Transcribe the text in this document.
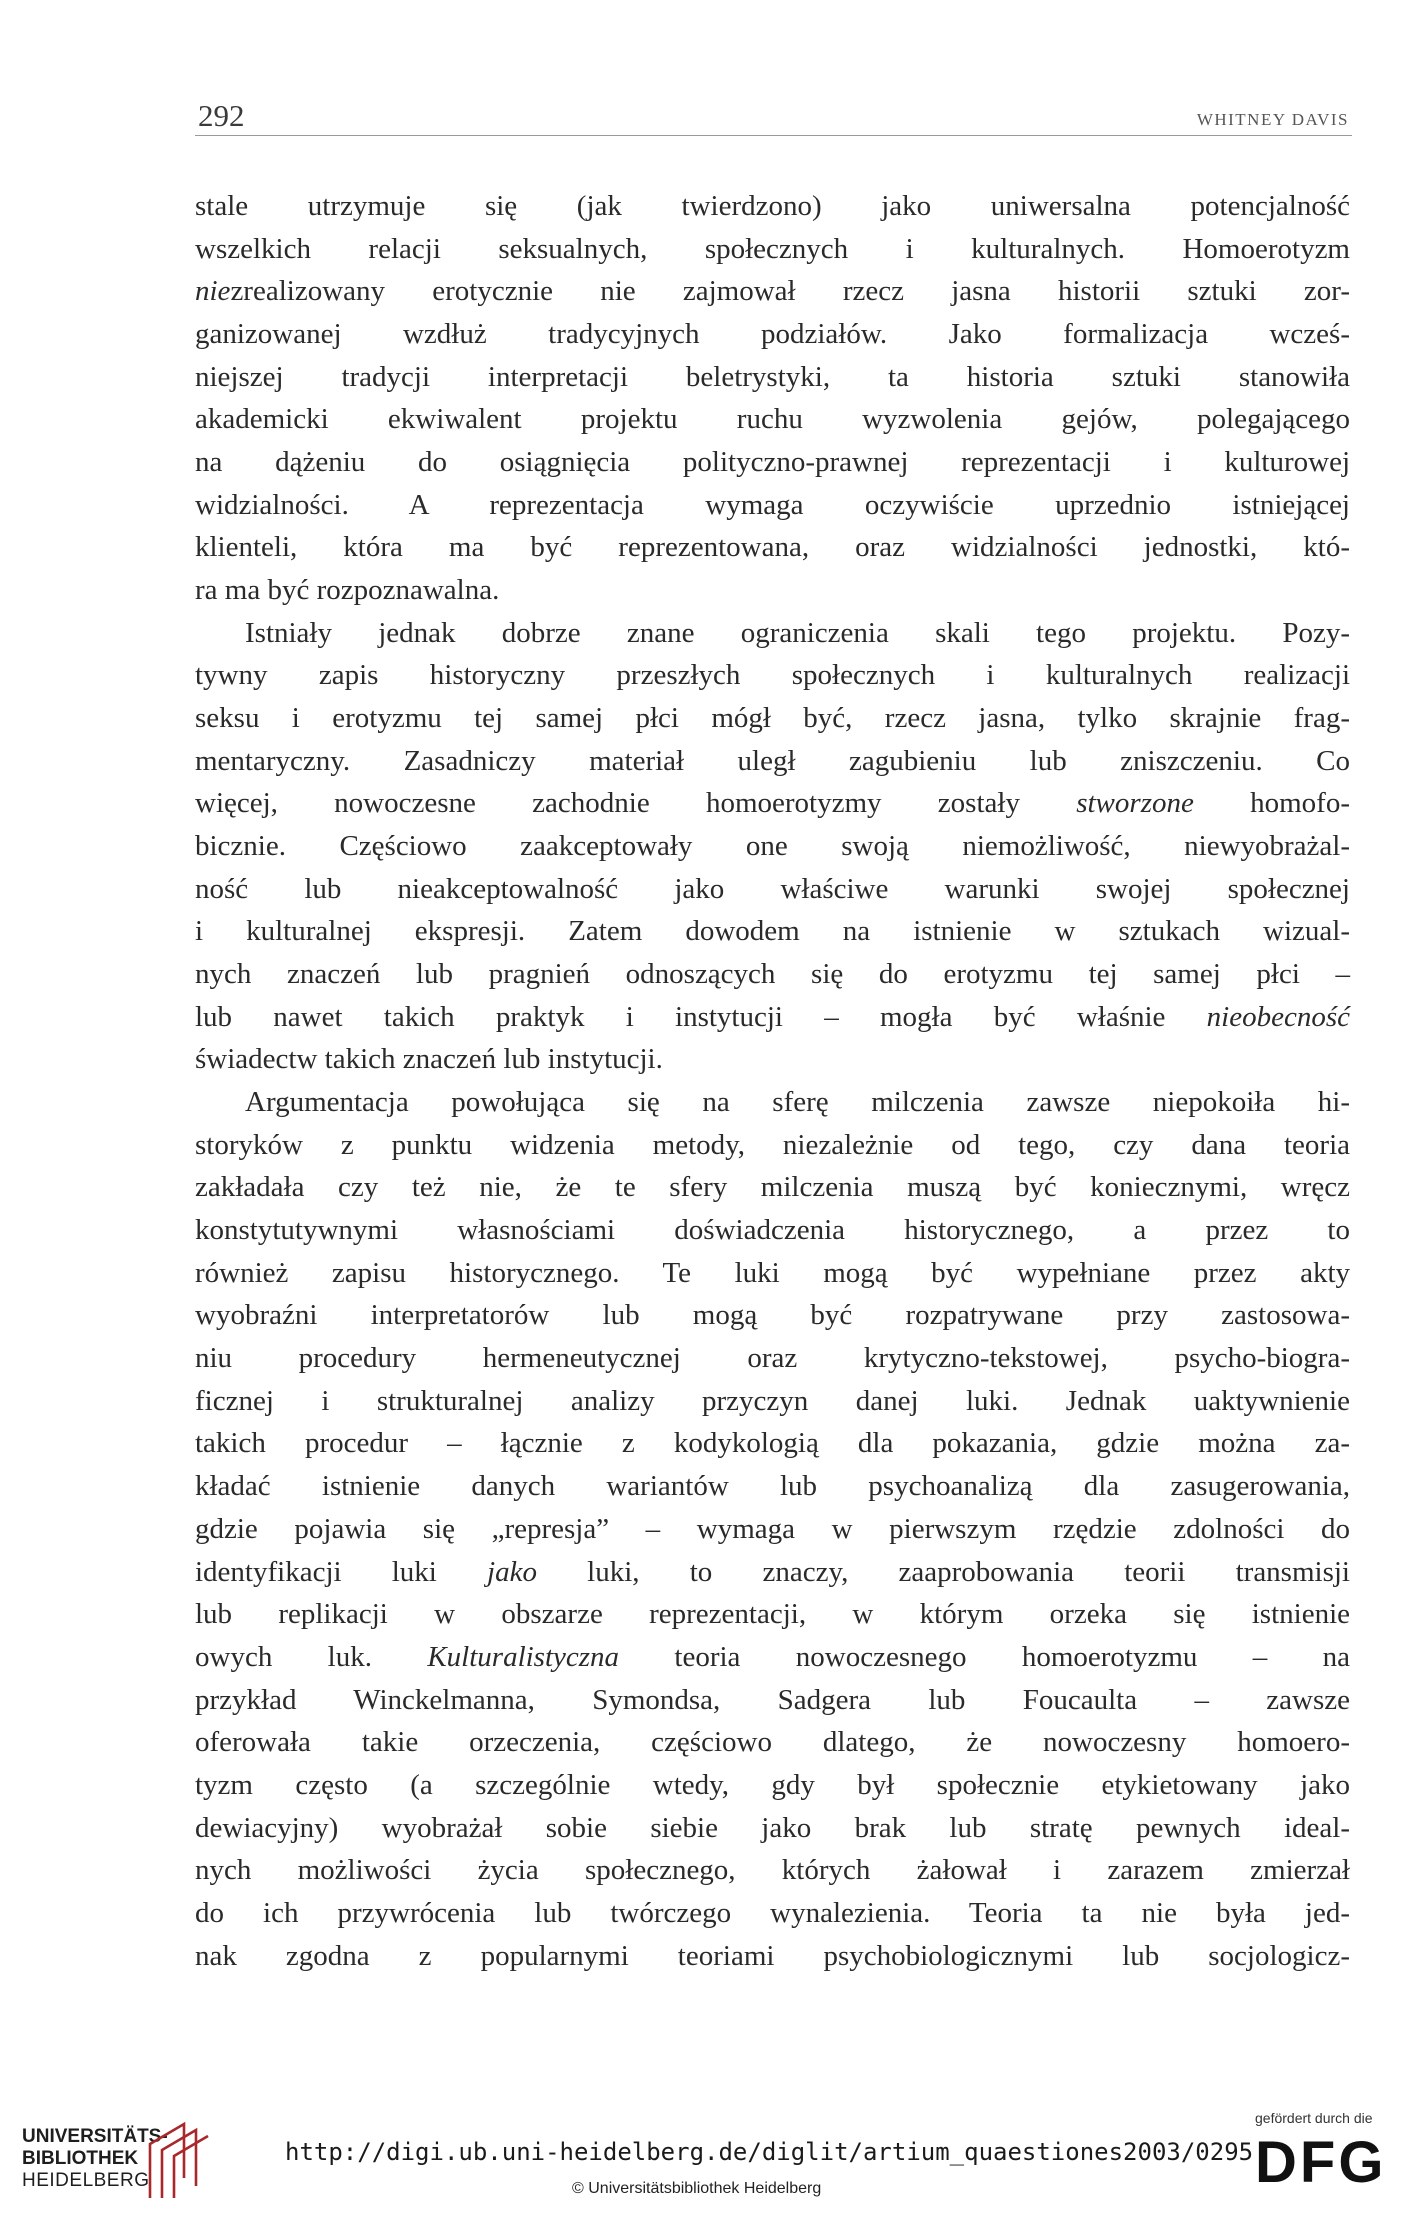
292	WHITNEY DAVIS
stale utrzymuje się (jak twierdzono) jako uniwersalna potencjalność
wszelkich relacji seksualnych, społecznych i kulturalnych. Homoerotyzm
niezrealizowany erotycznie nie zajmował rzecz jasna historii sztuki zor-
ganizowanej wzdłuż tradycyjnych podziałów. Jako formalizacja wcześ-
niejszej tradycji interpretacji beletrystyki, ta historia sztuki stanowiła
akademicki ekwiwalent projektu ruchu wyzwolenia gejów, polegającego
na dążeniu do osiągnięcia polityczno-prawnej reprezentacji i kulturowej
widzialności. A reprezentacja wymaga oczywiście uprzednio istniejącej
klienteli, która ma być reprezentowana, oraz widzialności jednostki, któ-
ra ma być rozpoznawalna.
Istniały jednak dobrze znane ograniczenia skali tego projektu. Pozy-
tywny zapis historyczny przeszłych społecznych i kulturalnych realizacji
seksu i erotyzmu tej samej płci mógł być, rzecz jasna, tylko skrajnie frag-
mentaryczny. Zasadniczy materiał uległ zagubieniu lub zniszczeniu. Co
więcej, nowoczesne zachodnie homoerotyzmy zostały stworzone homofo-
bicznie. Częściowo zaakceptowały one swoją niemożliwość, niewyobrażal-
ność lub nieakceptowalność jako właściwe warunki swojej społecznej
i kulturalnej ekspresji. Zatem dowodem na istnienie w sztukach wizual-
nych znaczeń lub pragnień odnoszących się do erotyzmu tej samej płci –
lub nawet takich praktyk i instytucji – mogła być właśnie nieobecność
świadectw takich znaczeń lub instytucji.
Argumentacja powołująca się na sferę milczenia zawsze niepokoiła hi-
storyków z punktu widzenia metody, niezależnie od tego, czy dana teoria
zakładała czy też nie, że te sfery milczenia muszą być koniecznymi, wręcz
konstytutywnymi własnościami doświadczenia historycznego, a przez to
również zapisu historycznego. Te luki mogą być wypełniane przez akty
wyobraźni interpretatorów lub mogą być rozpatrywane przy zastosowa-
niu procedury hermeneutycznej oraz krytyczno-tekstowej, psycho-biogra-
ficznej i strukturalnej analizy przyczyn danej luki. Jednak uaktywnienie
takich procedur – łącznie z kodykologią dla pokazania, gdzie można za-
kładać istnienie danych wariantów lub psychoanalizą dla zasugerowania,
gdzie pojawia się „represja” – wymaga w pierwszym rzędzie zdolności do
identyfikacji luki jako luki, to znaczy, zaaprobowania teorii transmisji
lub replikacji w obszarze reprezentacji, w którym orzeka się istnienie
owych luk. Kulturalistyczna teoria nowoczesnego homoerotyzmu – na
przykład Winckelmanna, Symondsa, Sadgera lub Foucaulta – zawsze
oferowała takie orzeczenia, częściowo dlatego, że nowoczesny homoero-
tyzm często (a szczególnie wtedy, gdy był społecznie etykietowany jako
dewiacyjny) wyobrażał sobie siebie jako brak lub stratę pewnych ideal-
nych możliwości życia społecznego, których żałował i zarazem zmierzał
do ich przywrócenia lub twórczego wynalezienia. Teoria ta nie była jed-
nak zgodna z popularnymi teoriami psychobiologicznymi lub socjologicz-
UNIVERSITÄTS-
BIBLIOTHEK
HEIDELBERG
http://digi.ub.uni-heidelberg.de/diglit/artium_quaestiones2003/0295
© Universitätsbibliothek Heidelberg
gefördert durch die
DFG
